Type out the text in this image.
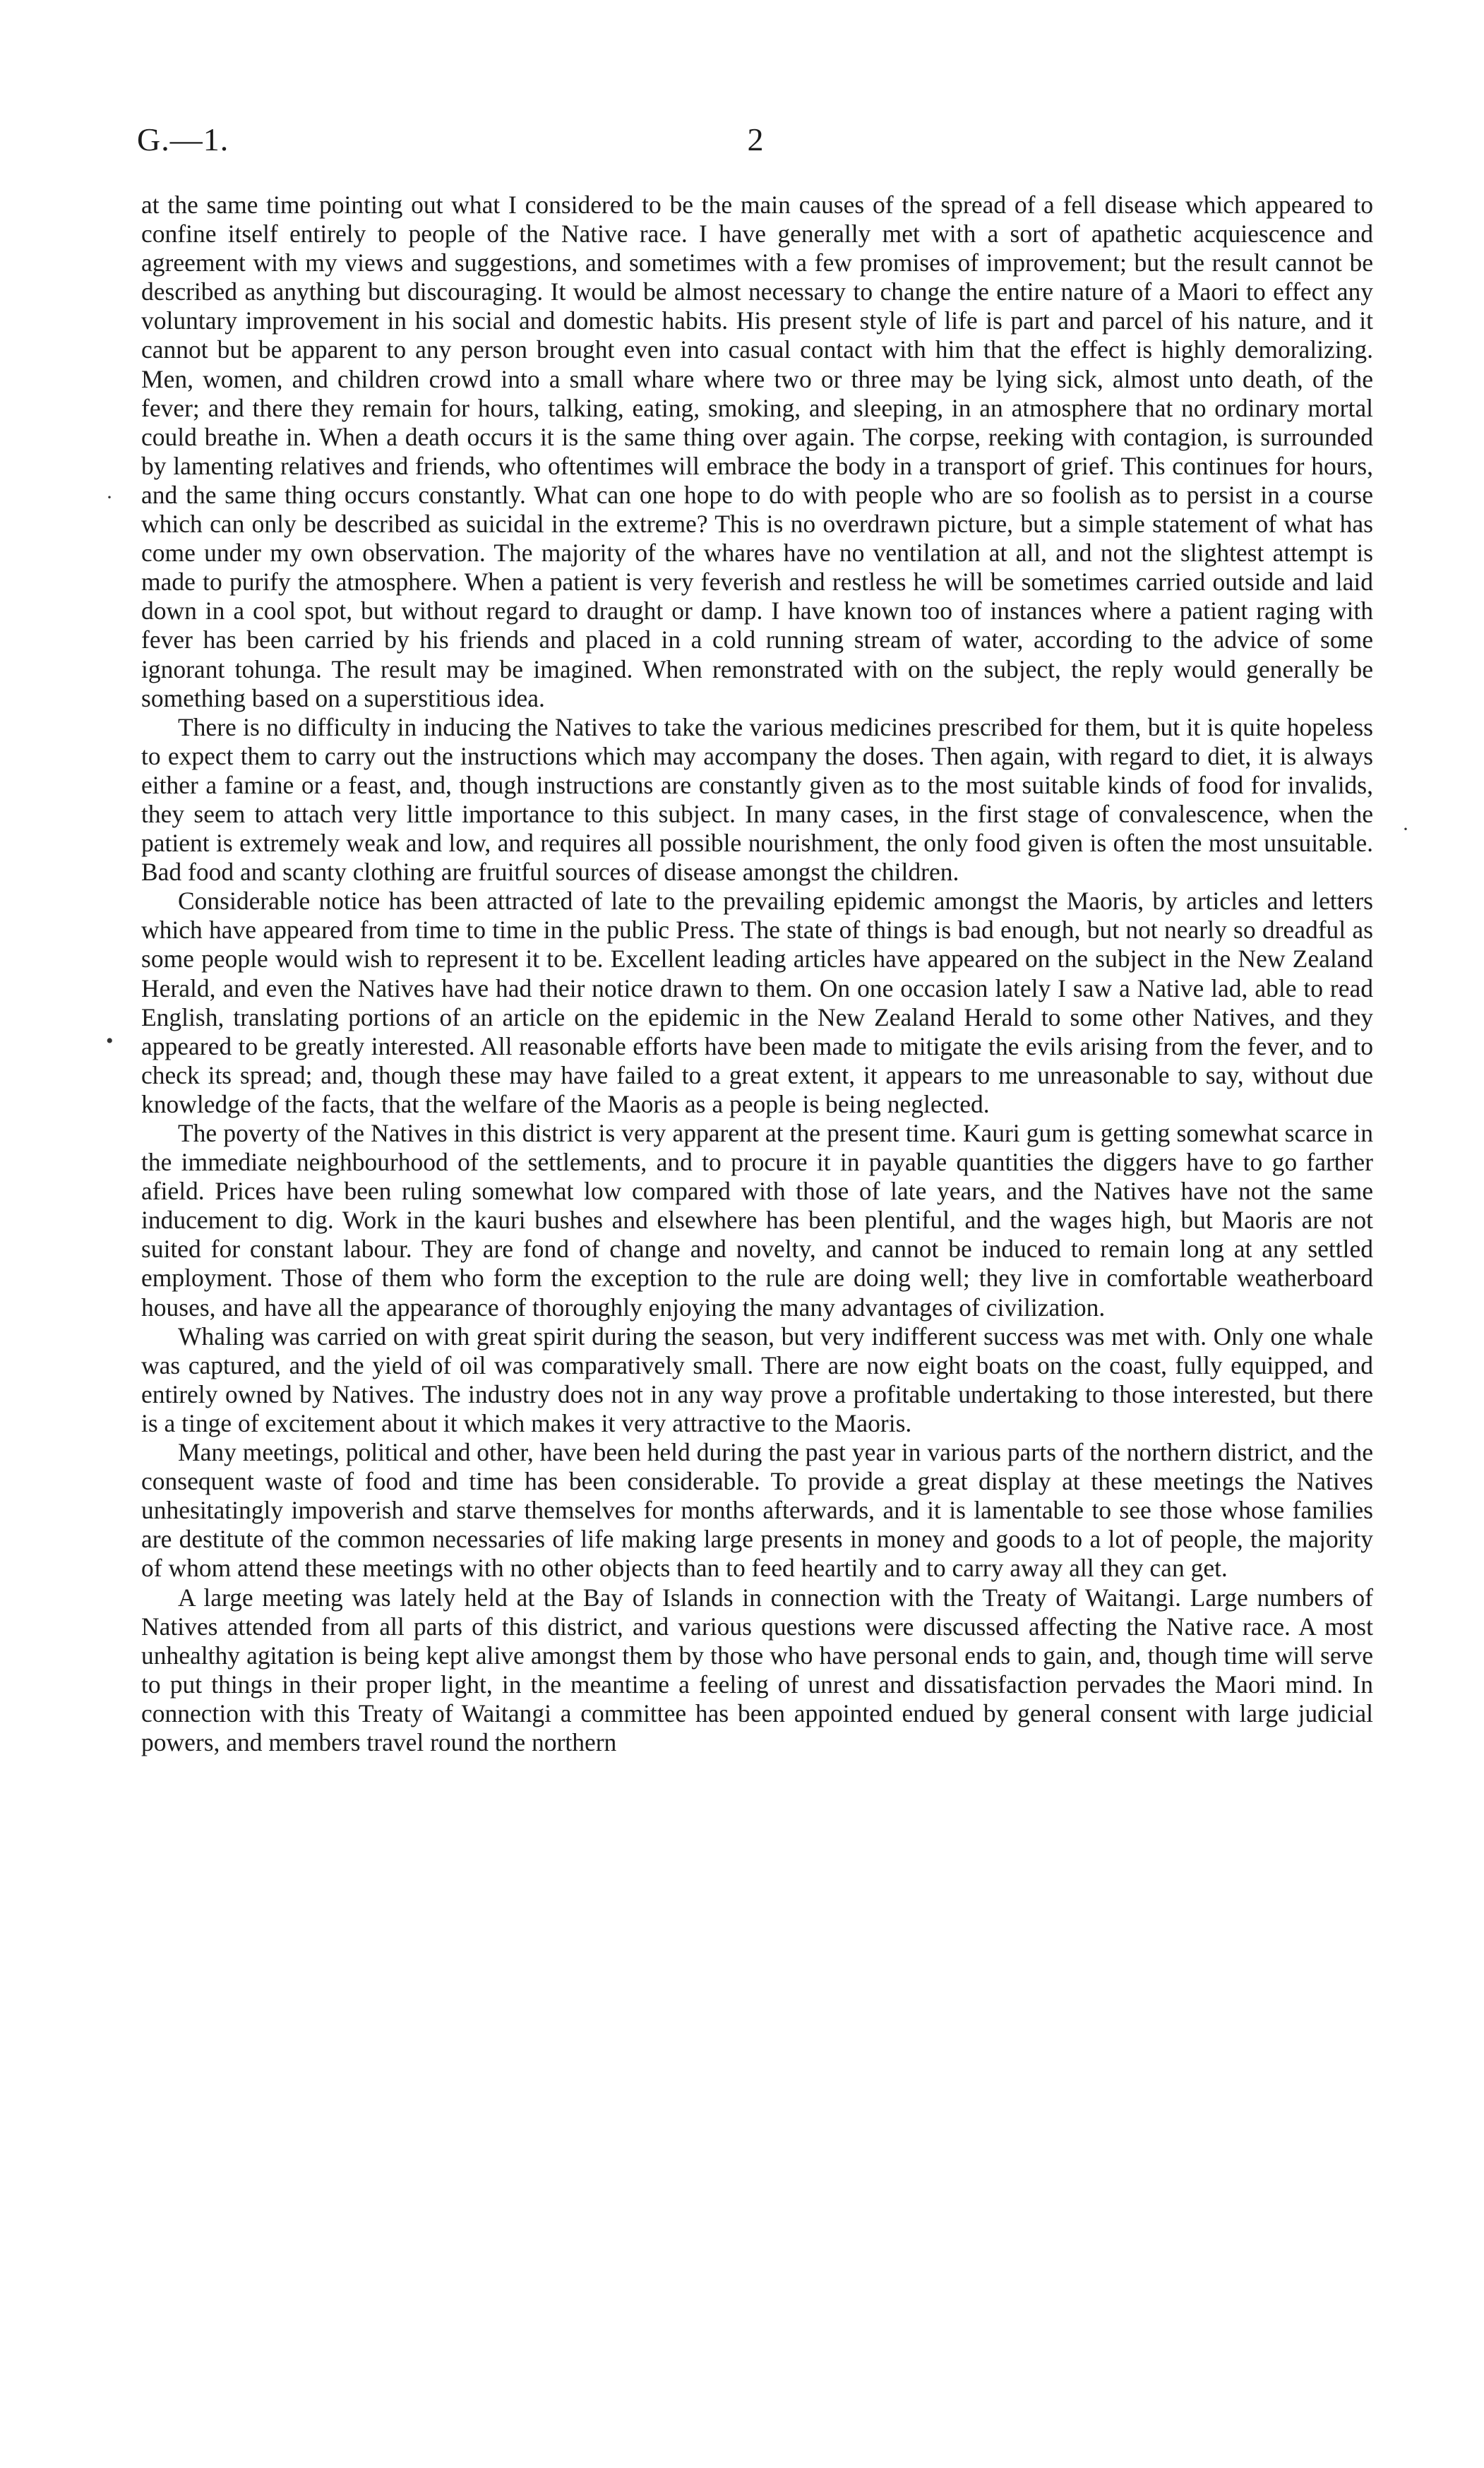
G.—1.	2

at the same time pointing out what I considered to be the main causes of the spread of a fell disease which appeared to confine itself entirely to people of the Native race. I have generally met with a sort of apathetic acquiescence and agreement with my views and suggestions, and sometimes with a few promises of improvement; but the result cannot be described as anything but discouraging. It would be almost necessary to change the entire nature of a Maori to effect any voluntary improvement in his social and domestic habits. His present style of life is part and parcel of his nature, and it cannot but be apparent to any person brought even into casual contact with him that the effect is highly demoralizing. Men, women, and children crowd into a small whare where two or three may be lying sick, almost unto death, of the fever; and there they remain for hours, talking, eating, smoking, and sleeping, in an atmosphere that no ordinary mortal could breathe in. When a death occurs it is the same thing over again. The corpse, reeking with contagion, is surrounded by lamenting relatives and friends, who oftentimes will embrace the body in a transport of grief. This continues for hours, and the same thing occurs constantly. What can one hope to do with people who are so foolish as to persist in a course which can only be described as suicidal in the extreme? This is no overdrawn picture, but a simple statement of what has come under my own observation. The majority of the whares have no ventilation at all, and not the slightest attempt is made to purify the atmosphere. When a patient is very feverish and restless he will be sometimes carried outside and laid down in a cool spot, but without regard to draught or damp. I have known too of instances where a patient raging with fever has been carried by his friends and placed in a cold running stream of water, according to the advice of some ignorant tohunga. The result may be imagined. When remonstrated with on the subject, the reply would generally be something based on a superstitious idea.

There is no difficulty in inducing the Natives to take the various medicines prescribed for them, but it is quite hopeless to expect them to carry out the instructions which may accompany the doses. Then again, with regard to diet, it is always either a famine or a feast, and, though instructions are constantly given as to the most suitable kinds of food for invalids, they seem to attach very little importance to this subject. In many cases, in the first stage of convalescence, when the patient is extremely weak and low, and requires all possible nourishment, the only food given is often the most unsuitable. Bad food and scanty clothing are fruitful sources of disease amongst the children.

Considerable notice has been attracted of late to the prevailing epidemic amongst the Maoris, by articles and letters which have appeared from time to time in the public Press. The state of things is bad enough, but not nearly so dreadful as some people would wish to represent it to be. Excellent leading articles have appeared on the subject in the New Zealand Herald, and even the Natives have had their notice drawn to them. On one occasion lately I saw a Native lad, able to read English, translating portions of an article on the epidemic in the New Zealand Herald to some other Natives, and they appeared to be greatly interested. All reasonable efforts have been made to mitigate the evils arising from the fever, and to check its spread; and, though these may have failed to a great extent, it appears to me unreasonable to say, without due knowledge of the facts, that the welfare of the Maoris as a people is being neglected.

The poverty of the Natives in this district is very apparent at the present time. Kauri gum is getting somewhat scarce in the immediate neighbourhood of the settlements, and to procure it in payable quantities the diggers have to go farther afield. Prices have been ruling somewhat low compared with those of late years, and the Natives have not the same inducement to dig. Work in the kauri bushes and elsewhere has been plentiful, and the wages high, but Maoris are not suited for constant labour. They are fond of change and novelty, and cannot be induced to remain long at any settled employment. Those of them who form the exception to the rule are doing well; they live in comfortable weatherboard houses, and have all the appearance of thoroughly enjoying the many advantages of civilization.

Whaling was carried on with great spirit during the season, but very indifferent success was met with. Only one whale was captured, and the yield of oil was comparatively small. There are now eight boats on the coast, fully equipped, and entirely owned by Natives. The industry does not in any way prove a profitable undertaking to those interested, but there is a tinge of excitement about it which makes it very attractive to the Maoris.

Many meetings, political and other, have been held during the past year in various parts of the northern district, and the consequent waste of food and time has been considerable. To provide a great display at these meetings the Natives unhesitatingly impoverish and starve themselves for months afterwards, and it is lamentable to see those whose families are destitute of the common necessaries of life making large presents in money and goods to a lot of people, the majority of whom attend these meetings with no other objects than to feed heartily and to carry away all they can get.

A large meeting was lately held at the Bay of Islands in connection with the Treaty of Waitangi. Large numbers of Natives attended from all parts of this district, and various questions were discussed affecting the Native race. A most unhealthy agitation is being kept alive amongst them by those who have personal ends to gain, and, though time will serve to put things in their proper light, in the meantime a feeling of unrest and dissatisfaction pervades the Maori mind. In connection with this Treaty of Waitangi a committee has been appointed endued by general consent with large judicial powers, and members travel round the northern

·
•
·
